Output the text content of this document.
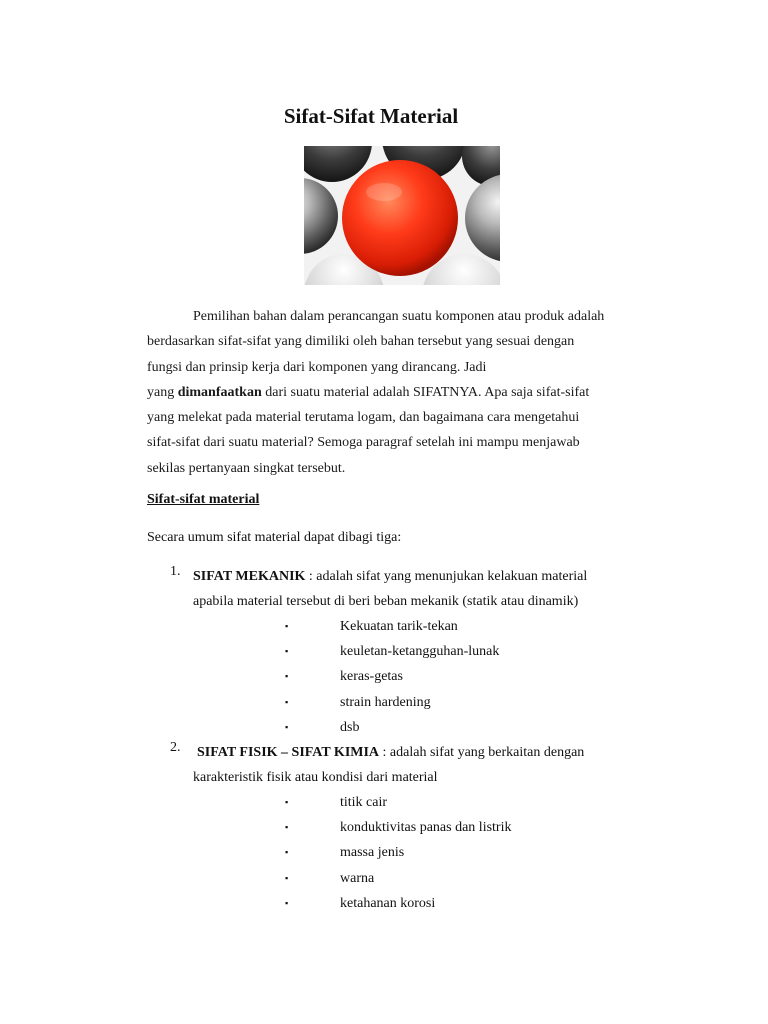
Sifat-Sifat Material
Pemilihan bahan dalam perancangan suatu komponen atau produk adalah
berdasarkan sifat-sifat yang dimiliki oleh bahan tersebut yang sesuai dengan
fungsi dan prinsip kerja dari komponen yang dirancang. Jadi
yang dimanfaatkan dari suatu material adalah SIFATNYA. Apa saja sifat-sifat
yang melekat pada material terutama logam, dan bagaimana cara mengetahui
sifat-sifat dari suatu material? Semoga paragraf setelah ini mampu menjawab
sekilas pertanyaan singkat tersebut.
Sifat-sifat material
Secara umum sifat material dapat dibagi tiga:
1. SIFAT MEKANIK : adalah sifat yang menunjukan kelakuan material
apabila material tersebut di beri beban mekanik (statik atau dinamik)
▪	Kekuatan tarik-tekan
▪	keuletan-ketangguhan-lunak
▪	keras-getas
▪	strain hardening
▪	dsb
2.	SIFAT FISIK – SIFAT KIMIA : adalah sifat yang berkaitan dengan
karakteristik fisik atau kondisi dari material
▪	titik cair
▪	konduktivitas panas dan listrik
▪	massa jenis
▪	warna
▪	ketahanan korosi
